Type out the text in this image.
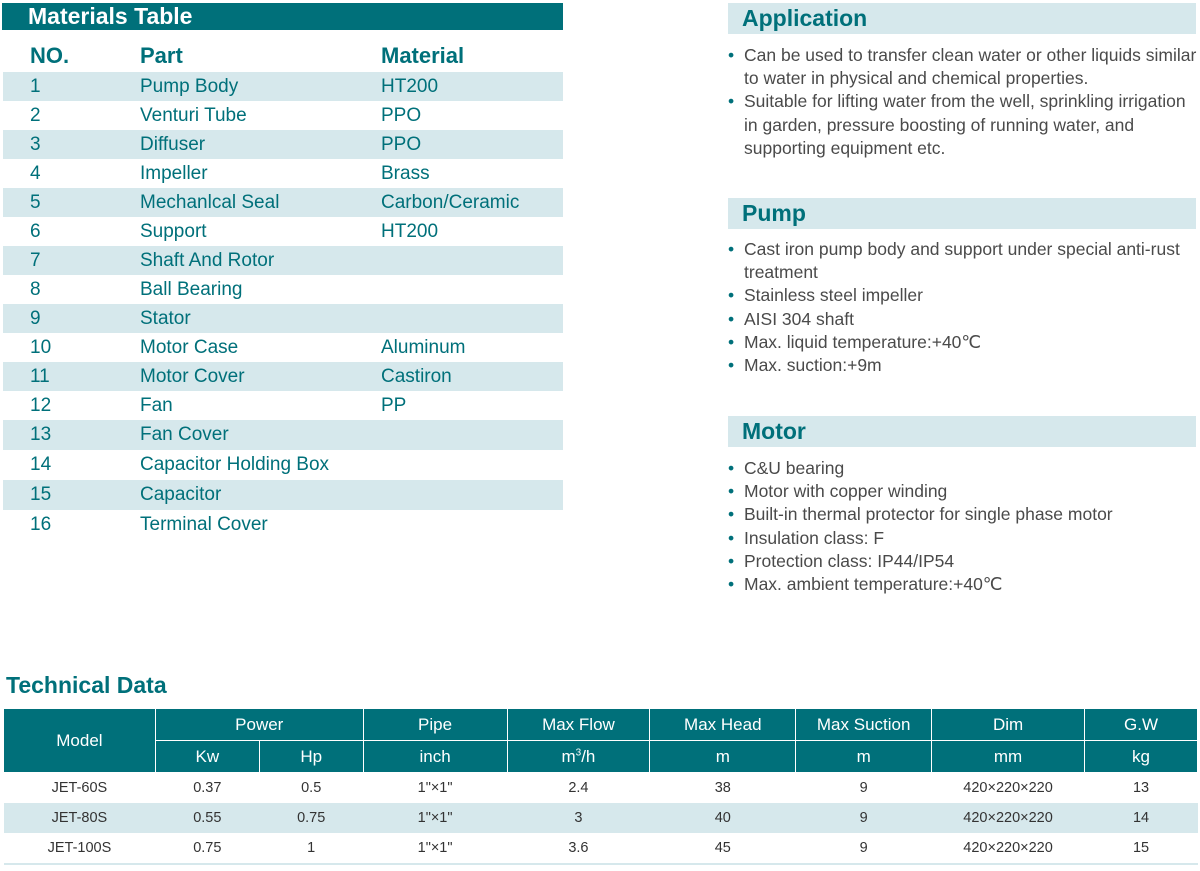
Materials Table
NO.	Part	Material
1	Pump Body	HT200
2	Venturi Tube	PPO
3	Diffuser	PPO
4	Impeller	Brass
5	Mechanlcal Seal	Carbon/Ceramic
6	Support	HT200
7	Shaft And Rotor
8	Ball Bearing
9	Stator
10	Motor Case	Aluminum
11	Motor Cover	Castiron
12	Fan	PP
13	Fan Cover
14	Capacitor Holding Box
15	Capacitor
16	Terminal Cover
Application
• Can be used to transfer clean water or other liquids similar to water in physical and chemical properties.
• Suitable for lifting water from the well, sprinkling irrigation in garden, pressure boosting of running water, and supporting equipment etc.
Pump
• Cast iron pump body and support under special anti-rust treatment
• Stainless steel impeller
• AISI 304 shaft
• Max. liquid temperature:+40℃
• Max. suction:+9m
Motor
• C&U bearing
• Motor with copper winding
• Built-in thermal protector for single phase motor
• Insulation class: F
• Protection class: IP44/IP54
• Max. ambient temperature:+40℃
Technical Data
Model	Power		Pipe	Max Flow	Max Head	Max Suction	Dim	G.W
	Kw	Hp	inch	$m^3/h$	m	m	mm	kg
JET-60S	0.37	0.5	1"×1"	2.4	38	9	420×220×220	13
JET-80S	0.55	0.75	1"×1"	3	40	9	420×220×220	14
JET-100S	0.75	1	1"×1"	3.6	45	9	420×220×220	15
